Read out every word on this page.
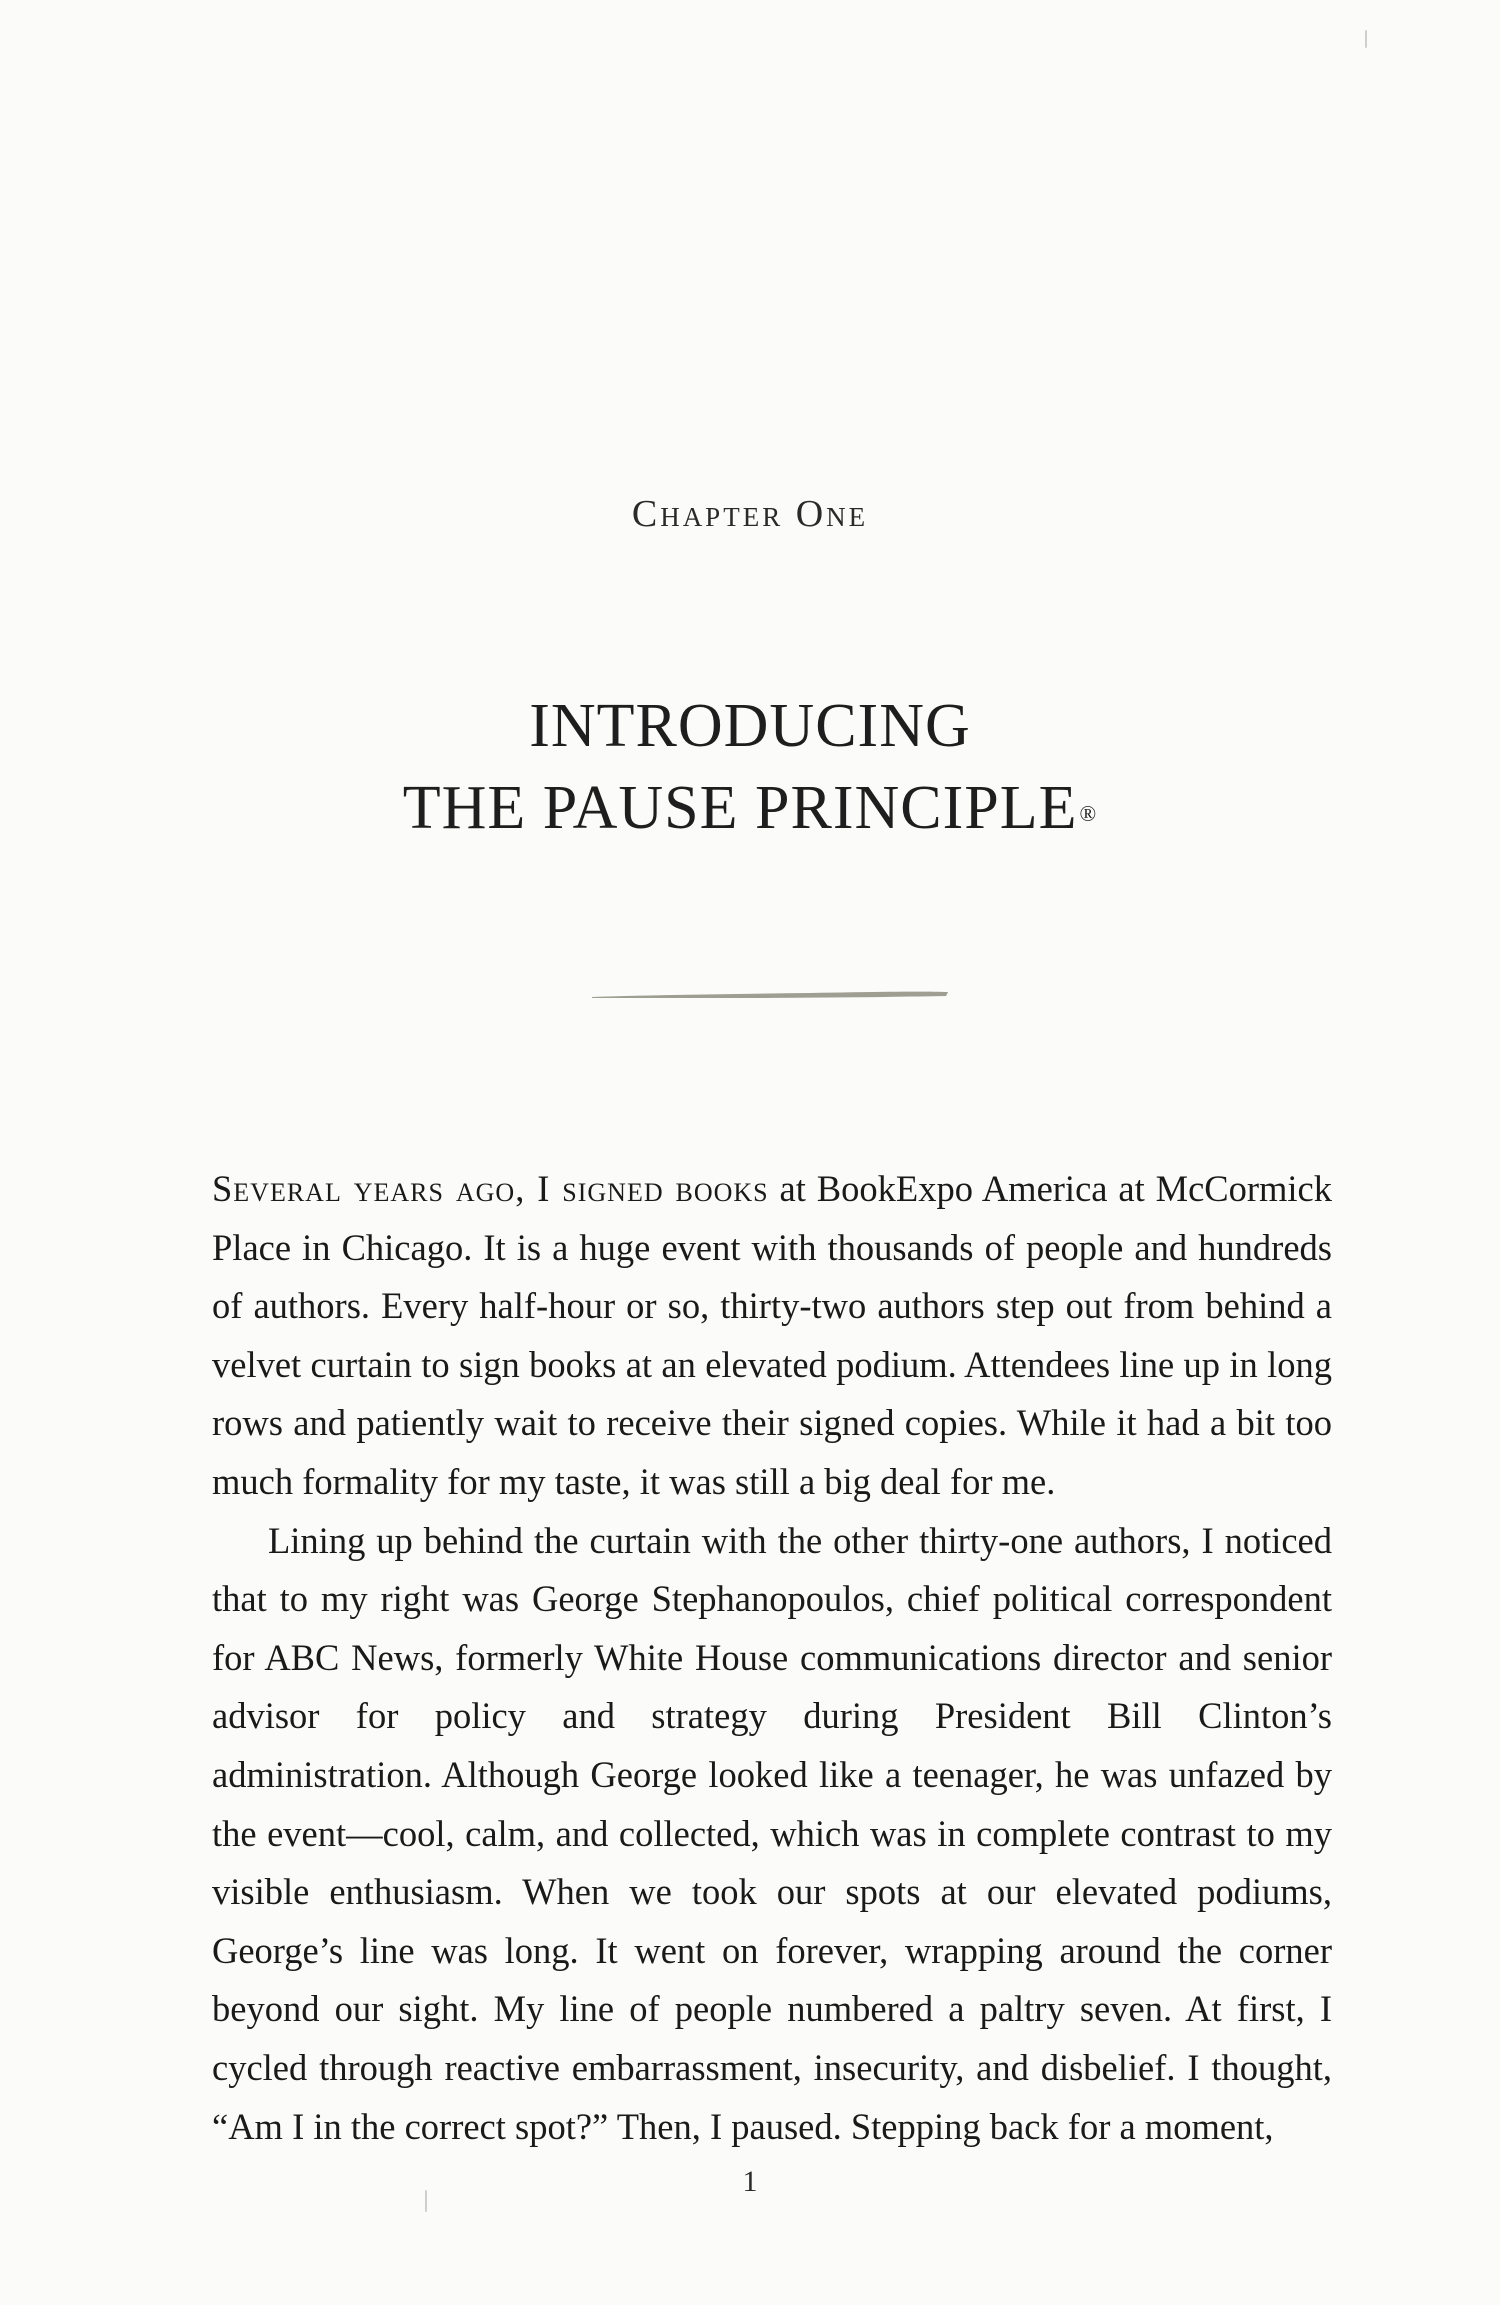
Chapter One
INTRODUCING
THE PAUSE PRINCIPLE®

Several years ago, I signed books at BookExpo America at McCormick Place in Chicago. It is a huge event with thousands of people and hundreds of authors. Every half-hour or so, thirty-two authors step out from behind a velvet curtain to sign books at an elevated podium. Attendees line up in long rows and patiently wait to receive their signed copies. While it had a bit too much formality for my taste, it was still a big deal for me.

Lining up behind the curtain with the other thirty-one authors, I noticed that to my right was George Stephanopoulos, chief political correspondent for ABC News, formerly White House communications director and senior advisor for policy and strategy during President Bill Clinton’s administration. Although George looked like a teenager, he was unfazed by the event—cool, calm, and collected, which was in complete contrast to my visible enthusiasm. When we took our spots at our elevated podiums, George’s line was long. It went on forever, wrapping around the corner beyond our sight. My line of people numbered a paltry seven. At first, I cycled through reactive embarrassment, insecurity, and disbelief. I thought, “Am I in the correct spot?” Then, I paused. Stepping back for a moment,

1
